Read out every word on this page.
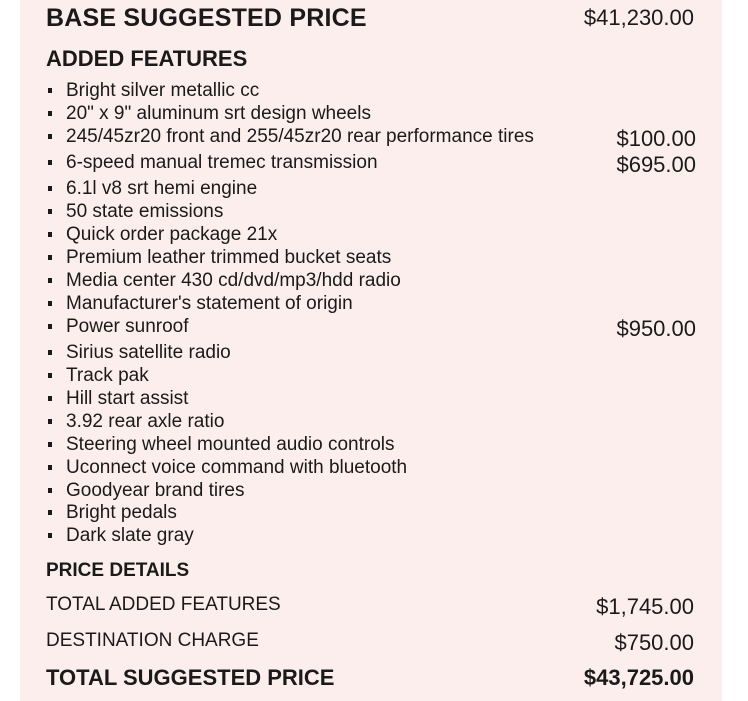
BASE SUGGESTED PRICE	$41,230.00
ADDED FEATURES
Bright silver metallic cc
20" x 9" aluminum srt design wheels
245/45zr20 front and 255/45zr20 rear performance tires	$100.00
6-speed manual tremec transmission	$695.00
6.1l v8 srt hemi engine
50 state emissions
Quick order package 21x
Premium leather trimmed bucket seats
Media center 430 cd/dvd/mp3/hdd radio
Manufacturer's statement of origin
Power sunroof	$950.00
Sirius satellite radio
Track pak
Hill start assist
3.92 rear axle ratio
Steering wheel mounted audio controls
Uconnect voice command with bluetooth
Goodyear brand tires
Bright pedals
Dark slate gray
PRICE DETAILS
TOTAL ADDED FEATURES	$1,745.00
DESTINATION CHARGE	$750.00
TOTAL SUGGESTED PRICE	$43,725.00
